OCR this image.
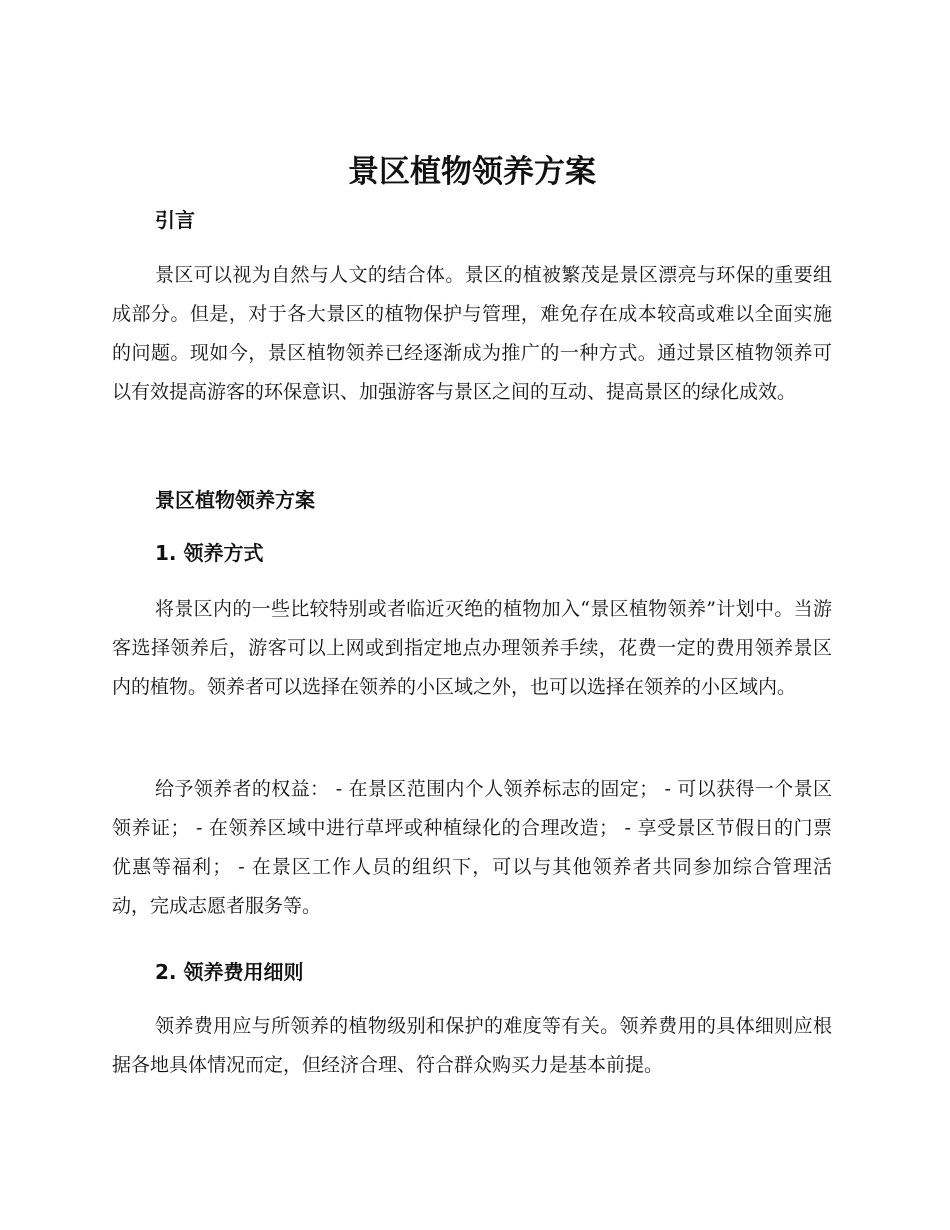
景区植物领养方案
引言

景区可以视为自然与人文的结合体。景区的植被繁茂是景区漂亮与环保的重要组成部分。但是，对于各大景区的植物保护与管理，难免存在成本较高或难以全面实施的问题。现如今，景区植物领养已经逐渐成为推广的一种方式。通过景区植物领养可以有效提高游客的环保意识、加强游客与景区之间的互动、提高景区的绿化成效。

景区植物领养方案
1. 领养方式

将景区内的一些比较特别或者临近灭绝的植物加入“景区植物领养”计划中。当游客选择领养后，游客可以上网或到指定地点办理领养手续，花费一定的费用领养景区内的植物。领养者可以选择在领养的小区域之外，也可以选择在领养的小区域内。

给予领养者的权益： - 在景区范围内个人领养标志的固定； - 可以获得一个景区领养证； - 在领养区域中进行草坪或种植绿化的合理改造； - 享受景区节假日的门票优惠等福利； - 在景区工作人员的组织下，可以与其他领养者共同参加综合管理活动，完成志愿者服务等。

2. 领养费用细则

领养费用应与所领养的植物级别和保护的难度等有关。领养费用的具体细则应根据各地具体情况而定，但经济合理、符合群众购买力是基本前提。
